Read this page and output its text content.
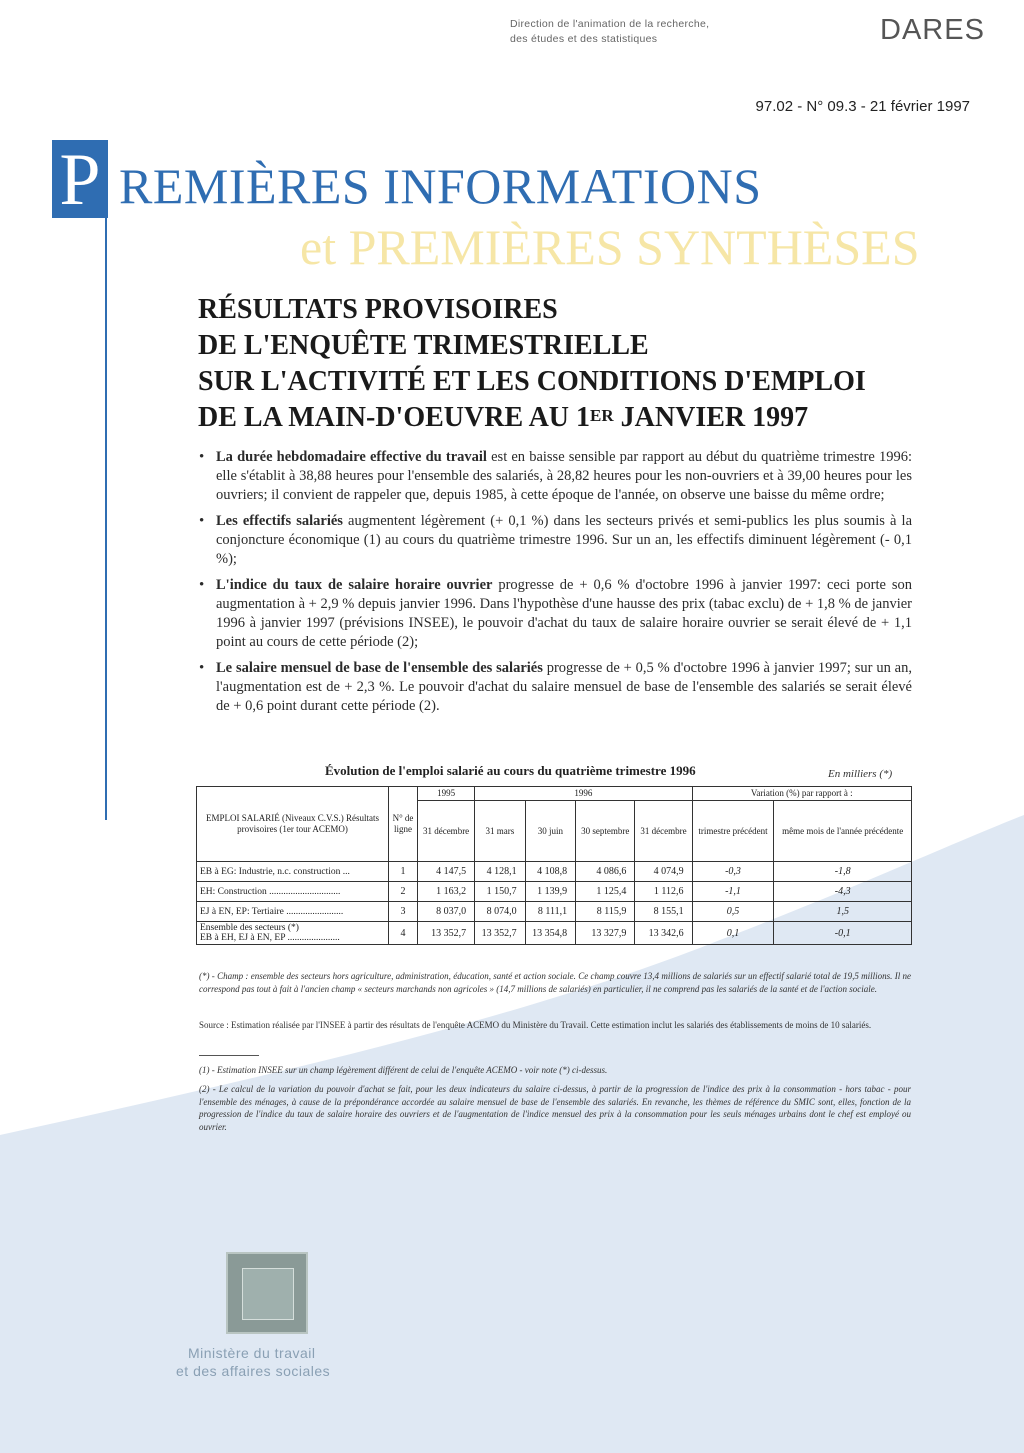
Direction de l'animation de la recherche,
des études et des statistiques	DARES
97.02 - N° 09.3 - 21 février 1997
P REMIÈRES INFORMATIONS
et PREMIÈRES SYNTHÈSES
RÉSULTATS PROVISOIRES
DE L'ENQUÊTE TRIMESTRIELLE
SUR L'ACTIVITÉ ET LES CONDITIONS D'EMPLOI
DE LA MAIN-D'OEUVRE AU 1ER JANVIER 1997
• La durée hebdomadaire effective du travail est en baisse sensible par rapport au début du quatrième trimestre 1996: elle s'établit à 38,88 heures pour l'ensemble des salariés, à 28,82 heures pour les non-ouvriers et à 39,00 heures pour les ouvriers; il convient de rappeler que, depuis 1985, à cette époque de l'année, on observe une baisse du même ordre;
• Les effectifs salariés augmentent légèrement (+ 0,1 %) dans les secteurs privés et semi-publics les plus soumis à la conjoncture économique (1) au cours du quatrième trimestre 1996. Sur un an, les effectifs diminuent légèrement (- 0,1 %);
• L'indice du taux de salaire horaire ouvrier progresse de + 0,6 % d'octobre 1996 à janvier 1997: ceci porte son augmentation à + 2,9 % depuis janvier 1996. Dans l'hypothèse d'une hausse des prix (tabac exclu) de + 1,8 % de janvier 1996 à janvier 1997 (prévisions INSEE), le pouvoir d'achat du taux de salaire horaire ouvrier se serait élevé de + 1,1 point au cours de cette période (2);
• Le salaire mensuel de base de l'ensemble des salariés progresse de + 0,5 % d'octobre 1996 à janvier 1997; sur un an, l'augmentation est de + 2,3 %. Le pouvoir d'achat du salaire mensuel de base de l'ensemble des salariés se serait élevé de + 0,6 point durant cette période (2).
Évolution de l'emploi salarié au cours du quatrième trimestre 1996	En milliers (*)
EMPLOI SALARIÉ (Niveaux C.V.S.) Résultats provisoires (1er tour ACEMO)	N° de ligne	1995	1996				Variation (%) par rapport à :	
		31 décembre	31 mars	30 juin	30 septembre	31 décembre	trimestre précédent	même mois de l'année précédente
EB à EG: Industrie, n.c. construction ...	1	4 147,5	4 128,1	4 108,8	4 086,6	4 074,9	-0,3	-1,8
EH: Construction ..............................	2	1 163,2	1 150,7	1 139,9	1 125,4	1 112,6	-1,1	-4,3
EJ à EN, EP: Tertiaire ........................	3	8 037,0	8 074,0	8 111,1	8 115,9	8 155,1	0,5	1,5

Ensemble des secteurs (*)
EB à EH, EJ à EN, EP ......................	4	13 352,7	13 352,7	13 354,8	13 327,9	13 342,6	0,1	-0,1
(*) - Champ : ensemble des secteurs hors agriculture, administration, éducation, santé et action sociale. Ce champ couvre 13,4 millions de salariés sur un effectif salarié total de 19,5 millions. Il ne correspond pas tout à fait à l'ancien champ « secteurs marchands non agricoles » (14,7 millions de salariés) en particulier, il ne comprend pas les salariés de la santé et de l'action sociale.
Source : Estimation réalisée par l'INSEE à partir des résultats de l'enquête ACEMO du Ministère du Travail. Cette estimation inclut les salariés des établissements de moins de 10 salariés.
(1) - Estimation INSEE sur un champ légèrement différent de celui de l'enquête ACEMO - voir note (*) ci-dessus.
(2) - Le calcul de la variation du pouvoir d'achat se fait, pour les deux indicateurs du salaire ci-dessus, à partir de la progression de l'indice des prix à la consommation - hors tabac - pour l'ensemble des ménages, à cause de la prépondérance accordée au salaire mensuel de base de l'ensemble des salariés. En revanche, les thèmes de référence du SMIC sont, elles, fonction de la progression de l'indice du taux de salaire horaire des ouvriers et de l'augmentation de l'indice mensuel des prix à la consommation pour les seuls ménages urbains dont le chef est employé ou ouvrier.
Ministère du travail
et des affaires sociales
